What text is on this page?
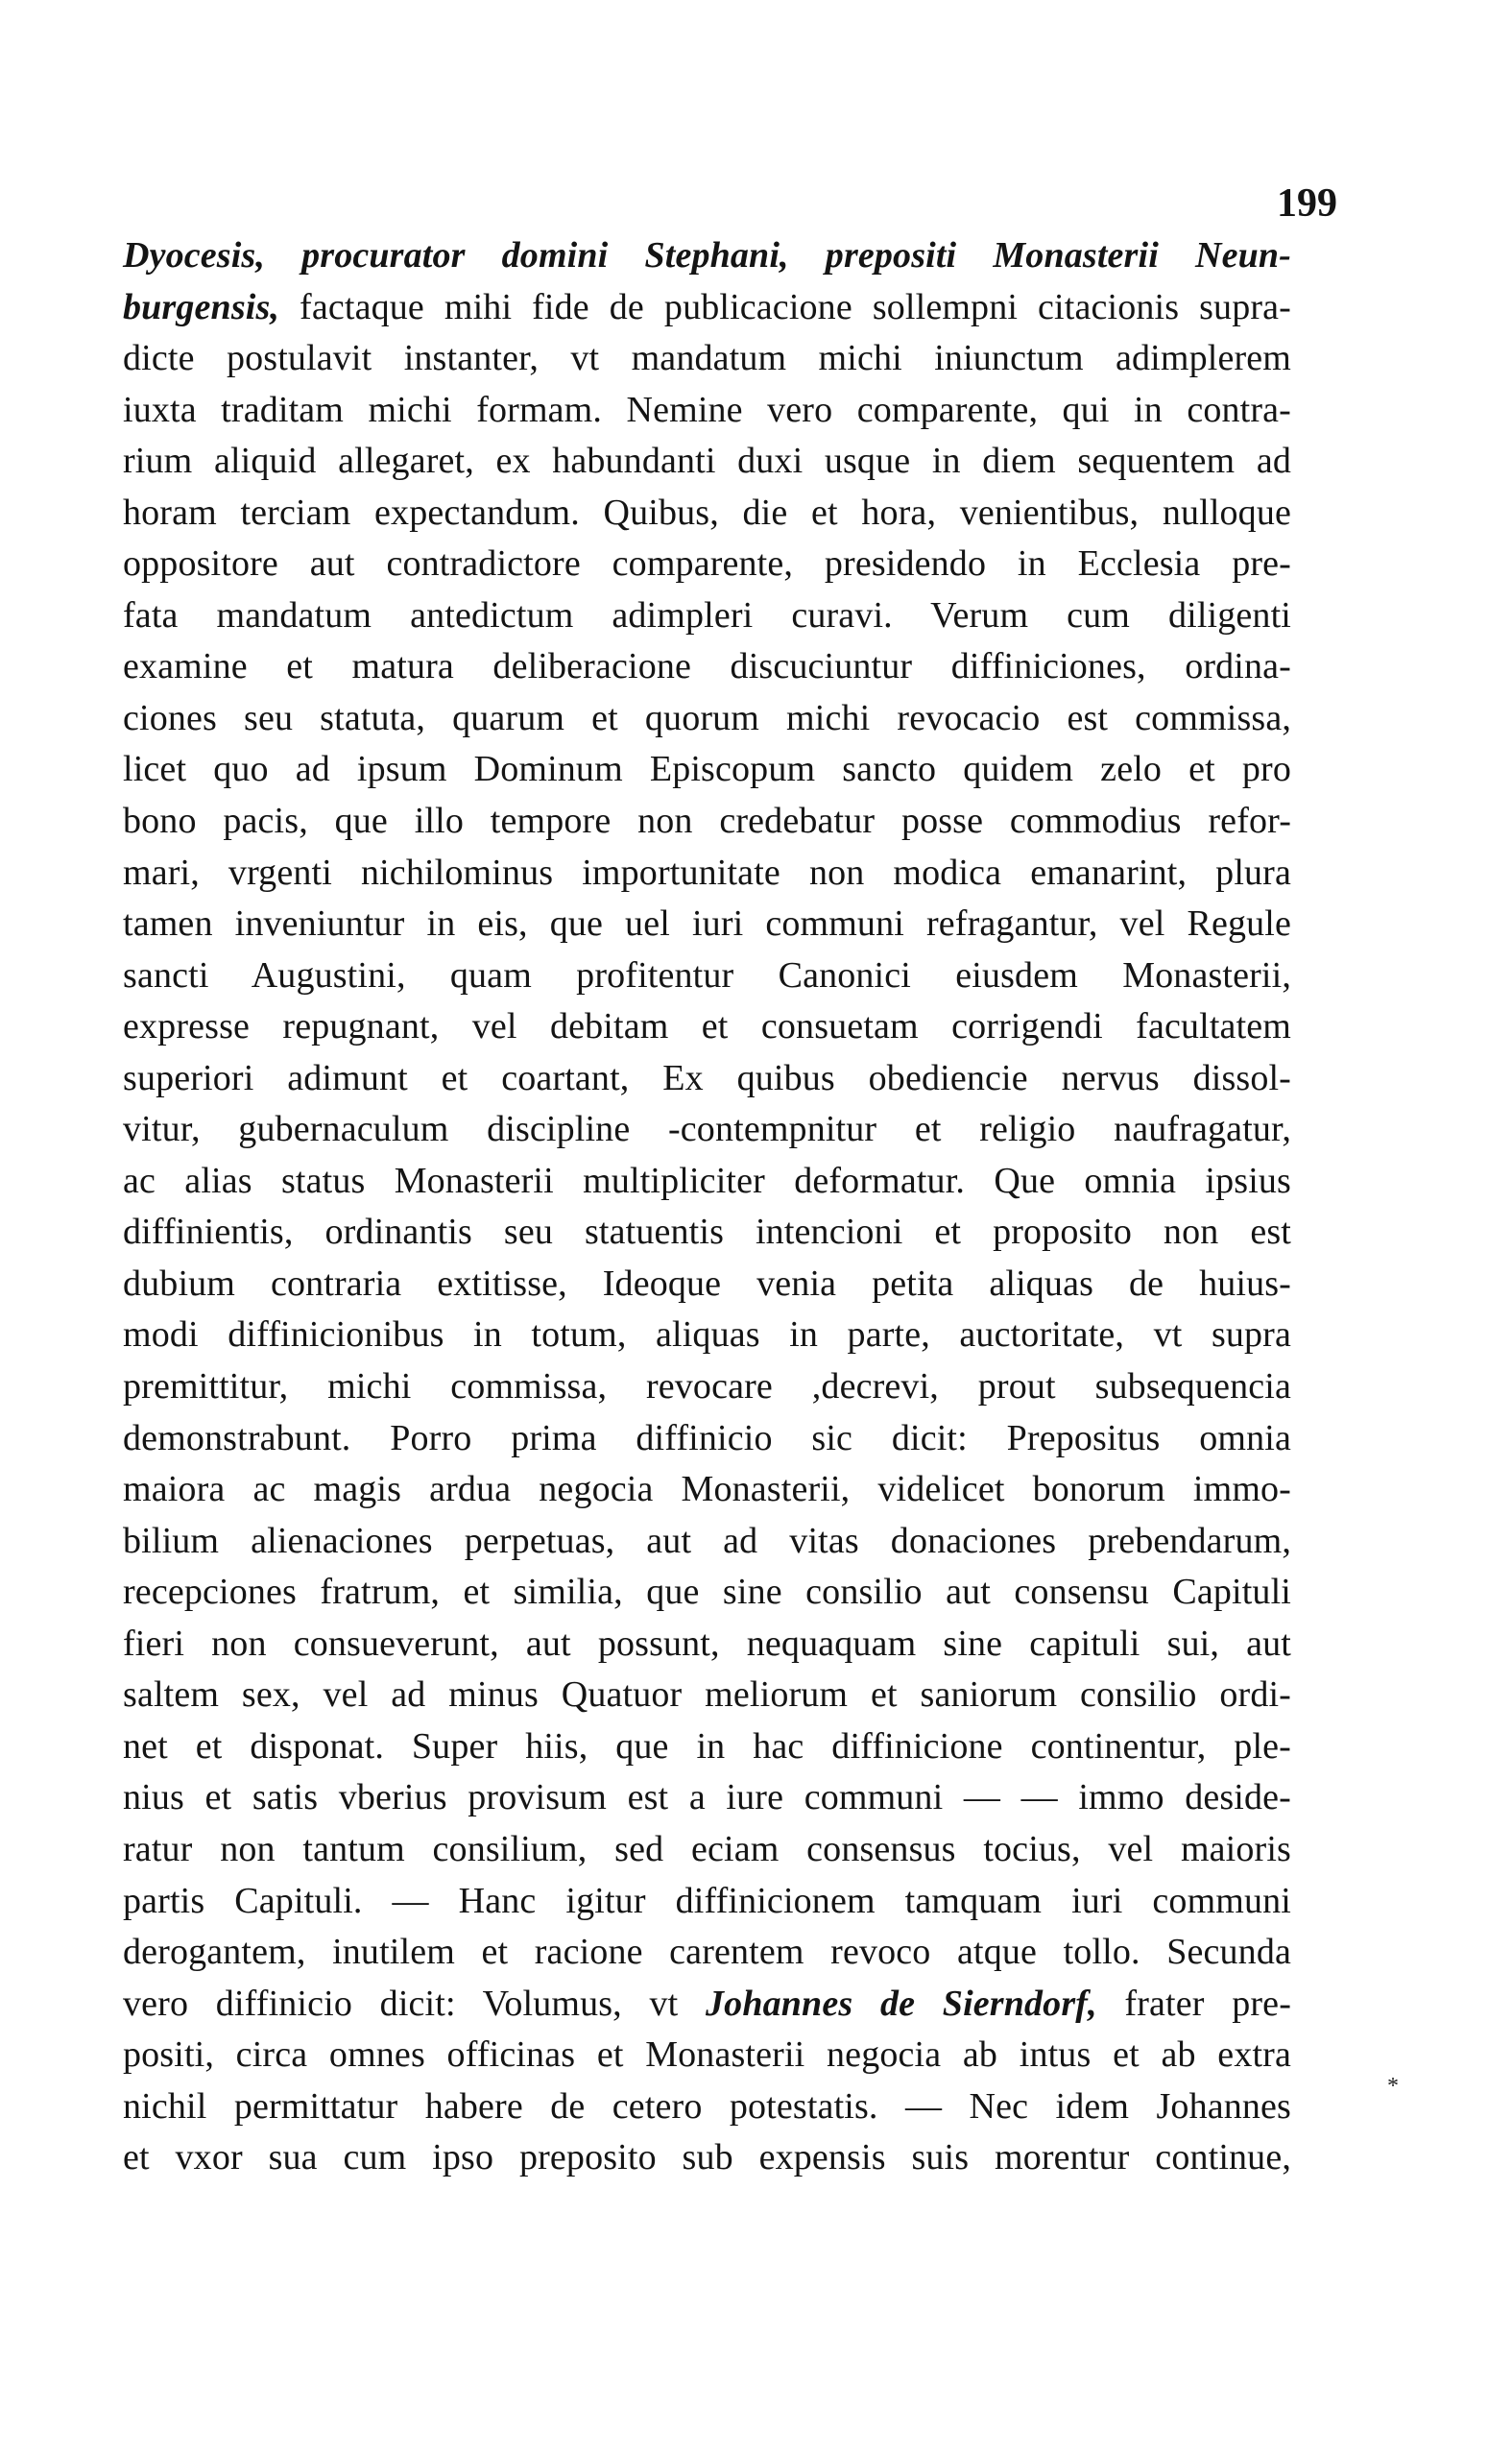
199
Dyocesis, procurator domini Stephani, prepositi Monasterii Neun-
burgensis, factaque mihi fide de publicacione sollempni citacionis supra-
dicte postulavit instanter, vt mandatum michi iniunctum adimplerem
iuxta traditam michi formam. Nemine vero comparente, qui in contra-
rium aliquid allegaret, ex habundanti duxi usque in diem sequentem ad
horam terciam expectandum. Quibus, die et hora, venientibus, nulloque
oppositore aut contradictore comparente, presidendo in Ecclesia pre-
fata mandatum antedictum adimpleri curavi. Verum cum diligenti
examine et matura deliberacione discuciuntur diffiniciones, ordina-
ciones seu statuta, quarum et quorum michi revocacio est commissa,
licet quo ad ipsum Dominum Episcopum sancto quidem zelo et pro
bono pacis, que illo tempore non credebatur posse commodius refor-
mari, vrgenti nichilominus importunitate non modica emanarint, plura
tamen inveniuntur in eis, que uel iuri communi refragantur, vel Regule
sancti Augustini, quam profitentur Canonici eiusdem Monasterii,
expresse repugnant, vel debitam et consuetam corrigendi facultatem
superiori adimunt et coartant, Ex quibus obediencie nervus dissol-
vitur, gubernaculum discipline -contempnitur et religio naufragatur,
ac alias status Monasterii multipliciter deformatur. Que omnia ipsius
diffinientis, ordinantis seu statuentis intencioni et proposito non est
dubium contraria extitisse, Ideoque venia petita aliquas de huius-
modi diffinicionibus in totum, aliquas in parte, auctoritate, vt supra
premittitur, michi commissa, revocare ,decrevi, prout subsequencia
demonstrabunt. Porro prima diffinicio sic dicit: Prepositus omnia
maiora ac magis ardua negocia Monasterii, videlicet bonorum immo-
bilium alienaciones perpetuas, aut ad vitas donaciones prebendarum,
recepciones fratrum, et similia, que sine consilio aut consensu Capituli
fieri non consueverunt, aut possunt, nequaquam sine capituli sui, aut
saltem sex, vel ad minus Quatuor meliorum et saniorum consilio ordi-
net et disponat. Super hiis, que in hac diffinicione continentur, ple-
nius et satis vberius provisum est a iure communi — — immo deside-
ratur non tantum consilium, sed eciam consensus tocius, vel maioris
partis Capituli. — Hanc igitur diffinicionem tamquam iuri communi
derogantem, inutilem et racione carentem revoco atque tollo. Secunda
vero diffinicio dicit: Volumus, vt Johannes de Sierndorf, frater pre-
positi, circa omnes officinas et Monasterii negocia ab intus et ab extra
nichil permittatur habere de cetero potestatis. — Nec idem Johannes
et vxor sua cum ipso preposito sub expensis suis morentur continue,
*
